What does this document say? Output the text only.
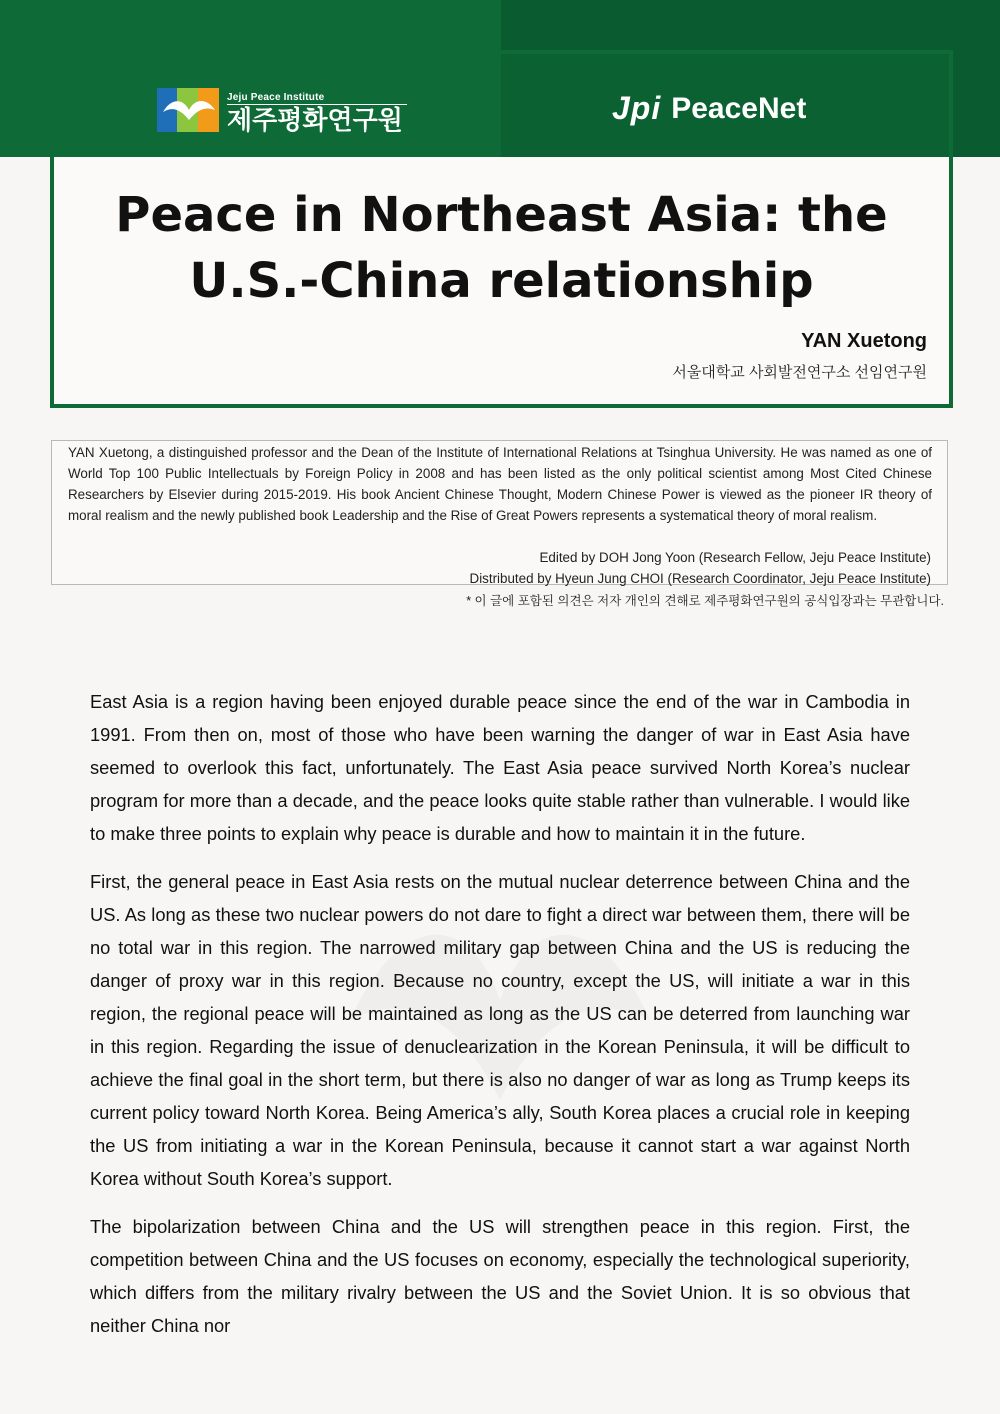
Jeju Peace Institute
제주평화연구원	Jpi PeaceNet
Peace in Northeast Asia: the
U.S.-China relationship
YAN Xuetong
서울대학교 사회발전연구소 선임연구원
YAN Xuetong, a distinguished professor and the Dean of the Institute of International Relations at Tsinghua University. He was named as one of World Top 100 Public Intellectuals by Foreign Policy in 2008 and has been listed as the only political scientist among Most Cited Chinese Researchers by Elsevier during 2015-2019. His book Ancient Chinese Thought, Modern Chinese Power is viewed as the pioneer IR theory of moral realism and the newly published book Leadership and the Rise of Great Powers represents a systematical theory of moral realism.
Edited by DOH Jong Yoon (Research Fellow, Jeju Peace Institute)
Distributed by Hyeun Jung CHOI (Research Coordinator, Jeju Peace Institute)
* 이 글에 포함된 의견은 저자 개인의 견해로 제주평화연구원의 공식입장과는 무관합니다.

East Asia is a region having been enjoyed durable peace since the end of the war in Cambodia in 1991. From then on, most of those who have been warning the danger of war in East Asia have seemed to overlook this fact, unfortunately. The East Asia peace survived North Korea’s nuclear program for more than a decade, and the peace looks quite stable rather than vulnerable. I would like to make three points to explain why peace is durable and how to maintain it in the future.

First, the general peace in East Asia rests on the mutual nuclear deterrence between China and the US. As long as these two nuclear powers do not dare to fight a direct war between them, there will be no total war in this region. The narrowed military gap between China and the US is reducing the danger of proxy war in this region. Because no country, except the US, will initiate a war in this region, the regional peace will be maintained as long as the US can be deterred from launching war in this region. Regarding the issue of denuclearization in the Korean Peninsula, it will be difficult to achieve the final goal in the short term, but there is also no danger of war as long as Trump keeps its current policy toward North Korea. Being America’s ally, South Korea places a crucial role in keeping the US from initiating a war in the Korean Peninsula, because it cannot start a war against North Korea without South Korea’s support.

The bipolarization between China and the US will strengthen peace in this region. First, the competition between China and the US focuses on economy, especially the technological superiority, which differs from the military rivalry between the US and the Soviet Union. It is so obvious that neither China nor
